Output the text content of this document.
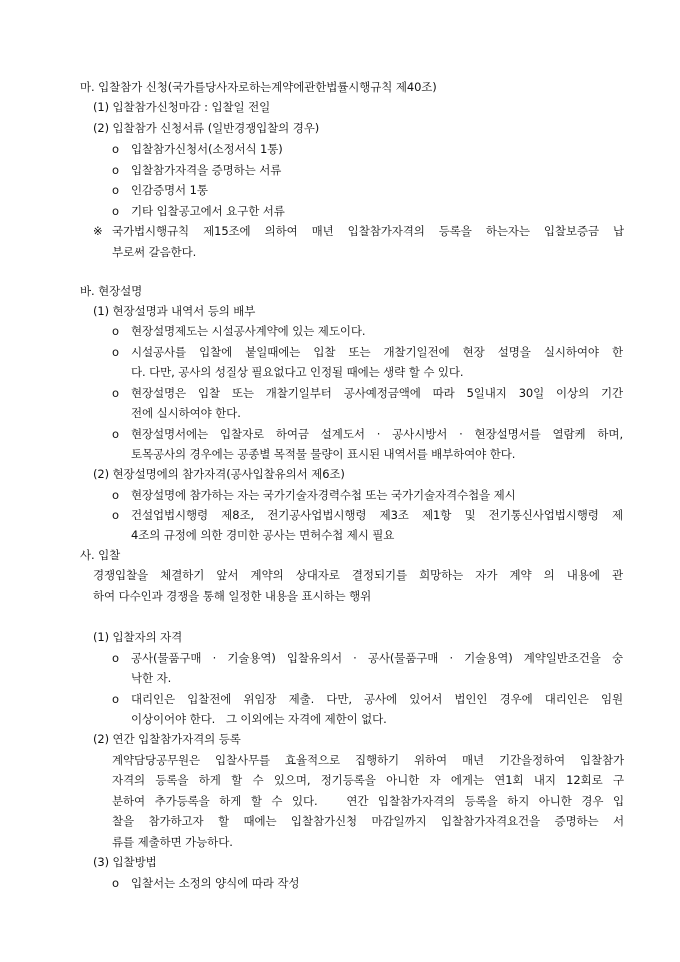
마. 입찰참가 신청(국가를당사자로하는계약에관한법률시행규칙 제40조)
(1) 입찰참가신청마감 : 입찰일 전일
(2) 입찰참가 신청서류 (일반경쟁입찰의 경우)
ο 입찰참가신청서(소정서식 1통)
ο 입찰참가자격을 증명하는 서류
ο 인감증명서 1통
ο 기타 입찰공고에서 요구한 서류
※ 국가법시행규칙 제15조에 의하여 매년 입찰참가자격의 등록을 하는자는 입찰보증금 납
부로써 갈음한다.
바. 현장설명
(1) 현장설명과 내역서 등의 배부
ο 현장설명제도는 시설공사계약에 있는 제도이다.
ο 시설공사를 입찰에 붙일때에는 입찰 또는 개찰기일전에 현장 설명을 실시하여야 한
다. 다만, 공사의 성질상 필요없다고 인정될 때에는 생략 할 수 있다.
ο 현장설명은 입찰 또는 개찰기일부터 공사예정금액에 따라 5일내지 30일 이상의 기간
전에 실시하여야 한다.
ο 현장설명서에는 입찰자로 하여금 설계도서 · 공사시방서 · 현장설명서를 열람케 하며,
토목공사의 경우에는 공종별 목적물 물량이 표시된 내역서를 배부하여야 한다.
(2) 현장설명에의 참가자격(공사입찰유의서 제6조)
ο 현장설명에 참가하는 자는 국가기술자경력수첩 또는 국가기술자격수첩을 제시
ο 건설업법시행령 제8조, 전기공사업법시행령 제3조 제1항 및 전기통신사업법시행령 제
4조의 규정에 의한 경미한 공사는 면허수첩 제시 필요
사. 입찰
경쟁입찰을 체결하기 앞서 계약의 상대자로 결정되기를 희망하는 자가 계약 의 내용에 관
하여 다수인과 경쟁을 통해 일정한 내용을 표시하는 행위
(1) 입찰자의 자격
ο 공사(물품구매 · 기술용역) 입찰유의서 · 공사(물품구매 · 기술용역) 계약일반조건을 숭
낙한 자.
ο 대리인은 입찰전에 위임장 제출. 다만, 공사에 있어서 법인인 경우에 대리인은 임원
이상이어야 한다.   그 이외에는 자격에 제한이 없다.
(2) 연간 입찰참가자격의 등록
계약담당공무원은 입찰사무를 효율적으로 집행하기 위하여 매년 기간을정하여 입찰참가
자격의 등록을 하게 할 수 있으며, 정기등록을 아니한 자 에게는 연1회 내지 12회로 구
분하여 추가등록을 하게 할 수 있다.   연간 입찰참가자격의 등록을 하지 아니한 경우 입
찰을 참가하고자 할 때에는 입찰참가신청 마감일까지 입찰참가자격요건을 증명하는 서
류를 제출하면 가능하다.
(3) 입찰방법
ο 입찰서는 소정의 양식에 따라 작성
